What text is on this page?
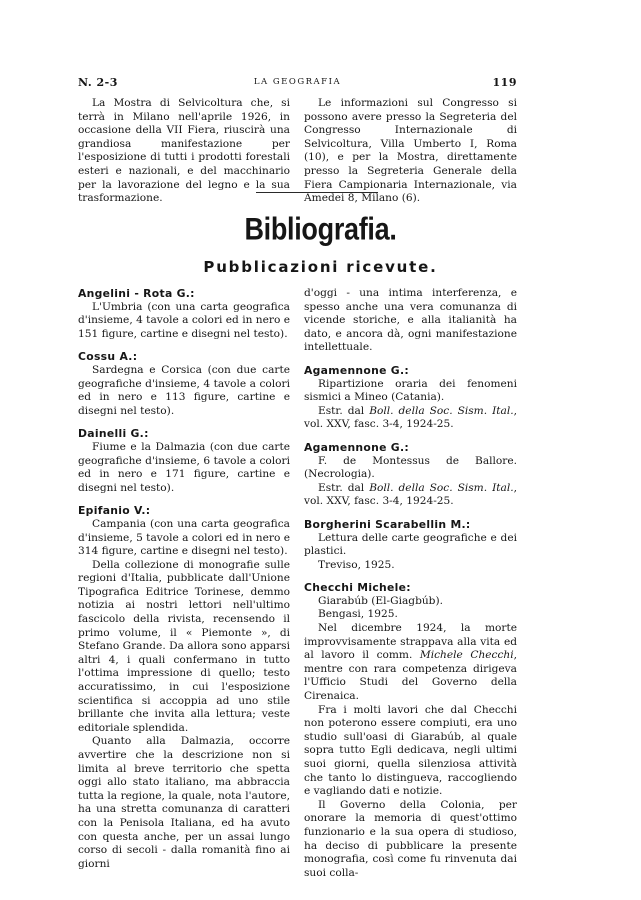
N. 2-3	LA GEOGRAFIA	119

La Mostra di Selvicoltura che, si terrà in Milano nell'aprile 1926, in occasione della VII Fiera, riuscirà una grandiosa manifestazione per l'esposizione di tutti i prodotti forestali esteri e nazionali, e del macchinario per la lavorazione del legno e la sua trasformazione.

Le informazioni sul Congresso si possono avere presso la Segreteria del Congresso Internazionale di Selvicoltura, Villa Umberto I, Roma (10), e per la Mostra, direttamente presso la Segreteria Generale della Fiera Campionaria Internazionale, via Amedei 8, Milano (6).

Bibliografia.
Pubblicazioni ricevute.

Angelini - Rota G.:

L'Umbria (con una carta geografica d'insieme, 4 tavole a colori ed in nero e 151 figure, cartine e disegni nel testo).

Cossu A.:

Sardegna e Corsica (con due carte geografiche d'insieme, 4 tavole a colori ed in nero e 113 figure, cartine e disegni nel testo).

Dainelli G.:

Fiume e la Dalmazia (con due carte geografiche d'insieme, 6 tavole a colori ed in nero e 171 figure, cartine e disegni nel testo).

Epifanio V.:

Campania (con una carta geografica d'insieme, 5 tavole a colori ed in nero e 314 figure, cartine e disegni nel testo).

Della collezione di monografie sulle regioni d'Italia, pubblicate dall'Unione Tipografica Editrice Torinese, demmo notizia ai nostri lettori nell'ultimo fascicolo della rivista, recensendo il primo volume, il « Piemonte », di Stefano Grande. Da allora sono apparsi altri 4, i quali confermano in tutto l'ottima impressione di quello; testo accuratissimo, in cui l'esposizione scientifica si accoppia ad uno stile brillante che invita alla lettura; veste editoriale splendida.

Quanto alla Dalmazia, occorre avvertire che la descrizione non si limita al breve territorio che spetta oggi allo stato italiano, ma abbraccia tutta la regione, la quale, nota l'autore, ha una stretta comunanza di caratteri con la Penisola Italiana, ed ha avuto con questa anche, per un assai lungo corso di secoli - dalla romanità fino ai giorni

d'oggi - una intima interferenza, e spesso anche una vera comunanza di vicende storiche, e alla italianità ha dato, e ancora dà, ogni manifestazione intellettuale.

Agamennone G.:

Ripartizione oraria dei fenomeni sismici a Mineo (Catania).

Estr. dal Boll. della Soc. Sism. Ital., vol. XXV, fasc. 3-4, 1924-25.

Agamennone G.:

F. de Montessus de Ballore. (Necrologia).

Estr. dal Boll. della Soc. Sism. Ital., vol. XXV, fasc. 3-4, 1924-25.

Borgherini Scarabellin M.:

Lettura delle carte geografiche e dei plastici.

Treviso, 1925.

Checchi Michele:

Giarabúb (El-Giagbúb).

Bengasi, 1925.

Nel dicembre 1924, la morte improvvisamente strappava alla vita ed al lavoro il comm. Michele Checchi, mentre con rara competenza dirigeva l'Ufficio Studi del Governo della Cirenaica.

Fra i molti lavori che dal Checchi non poterono essere compiuti, era uno studio sull'oasi di Giarabúb, al quale sopra tutto Egli dedicava, negli ultimi suoi giorni, quella silenziosa attività che tanto lo distingueva, raccogliendo e vagliando dati e notizie.

Il Governo della Colonia, per onorare la memoria di quest'ottimo funzionario e la sua opera di studioso, ha deciso di pubblicare la presente monografia, così come fu rinvenuta dai suoi colla-
